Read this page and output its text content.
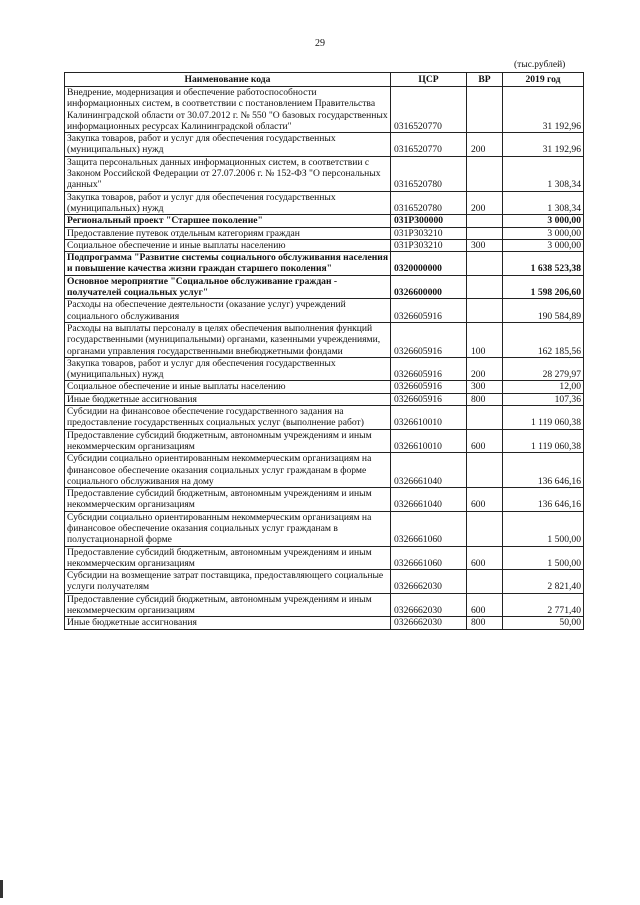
29
(тыс.рублей)
Наименование кода	ЦСР	ВР	2019 год
Внедрение, модернизация и обеспечение работоспособности информационных систем, в соответствии с постановлением Правительства Калининградской области от 30.07.2012 г. № 550 "О базовых государственных информационных ресурсах Калининградской области"	0316520770		31 192,96
Закупка товаров, работ и услуг для обеспечения государственных (муниципальных) нужд	0316520770	200	31 192,96
Защита персональных данных информационных систем, в соответствии с Законом Российской Федерации от 27.07.2006 г. № 152-ФЗ "О персональных данных"	0316520780		1 308,34
Закупка товаров, работ и услуг для обеспечения государственных (муниципальных) нужд	0316520780	200	1 308,34
Региональный проект "Старшее поколение"	031P300000		3 000,00
Предоставление путевок отдельным категориям граждан	031P303210		3 000,00
Социальное обеспечение и иные выплаты населению	031P303210	300	3 000,00
Подпрограмма "Развитие системы социального обслуживания населения и повышение качества жизни граждан старшего поколения"	0320000000		1 638 523,38
Основное мероприятие "Социальное обслуживание граждан - получателей социальных услуг"	0326600000		1 598 206,60
Расходы на обеспечение деятельности (оказание услуг) учреждений социального обслуживания	0326605916		190 584,89
Расходы на выплаты персоналу в целях обеспечения выполнения функций государственными (муниципальными) органами, казенными учреждениями, органами управления государственными внебюджетными фондами	0326605916	100	162 185,56
Закупка товаров, работ и услуг для обеспечения государственных (муниципальных) нужд	0326605916	200	28 279,97
Социальное обеспечение и иные выплаты населению	0326605916	300	12,00
Иные бюджетные ассигнования	0326605916	800	107,36
Субсидии на финансовое обеспечение государственного задания на предоставление государственных социальных услуг (выполнение работ)	0326610010		1 119 060,38
Предоставление субсидий бюджетным, автономным учреждениям и иным некоммерческим организациям	0326610010	600	1 119 060,38
Субсидии социально ориентированным некоммерческим организациям на финансовое обеспечение оказания социальных услуг гражданам в форме социального обслуживания на дому	0326661040		136 646,16
Предоставление субсидий бюджетным, автономным учреждениям и иным некоммерческим организациям	0326661040	600	136 646,16
Субсидии социально ориентированным некоммерческим организациям на финансовое обеспечение оказания социальных услуг гражданам в полустационарной форме	0326661060		1 500,00
Предоставление субсидий бюджетным, автономным учреждениям и иным некоммерческим организациям	0326661060	600	1 500,00
Субсидии на возмещение затрат поставщика, предоставляющего социальные услуги получателям	0326662030		2 821,40
Предоставление субсидий бюджетным, автономным учреждениям и иным некоммерческим организациям	0326662030	600	2 771,40
Иные бюджетные ассигнования	0326662030	800	50,00
